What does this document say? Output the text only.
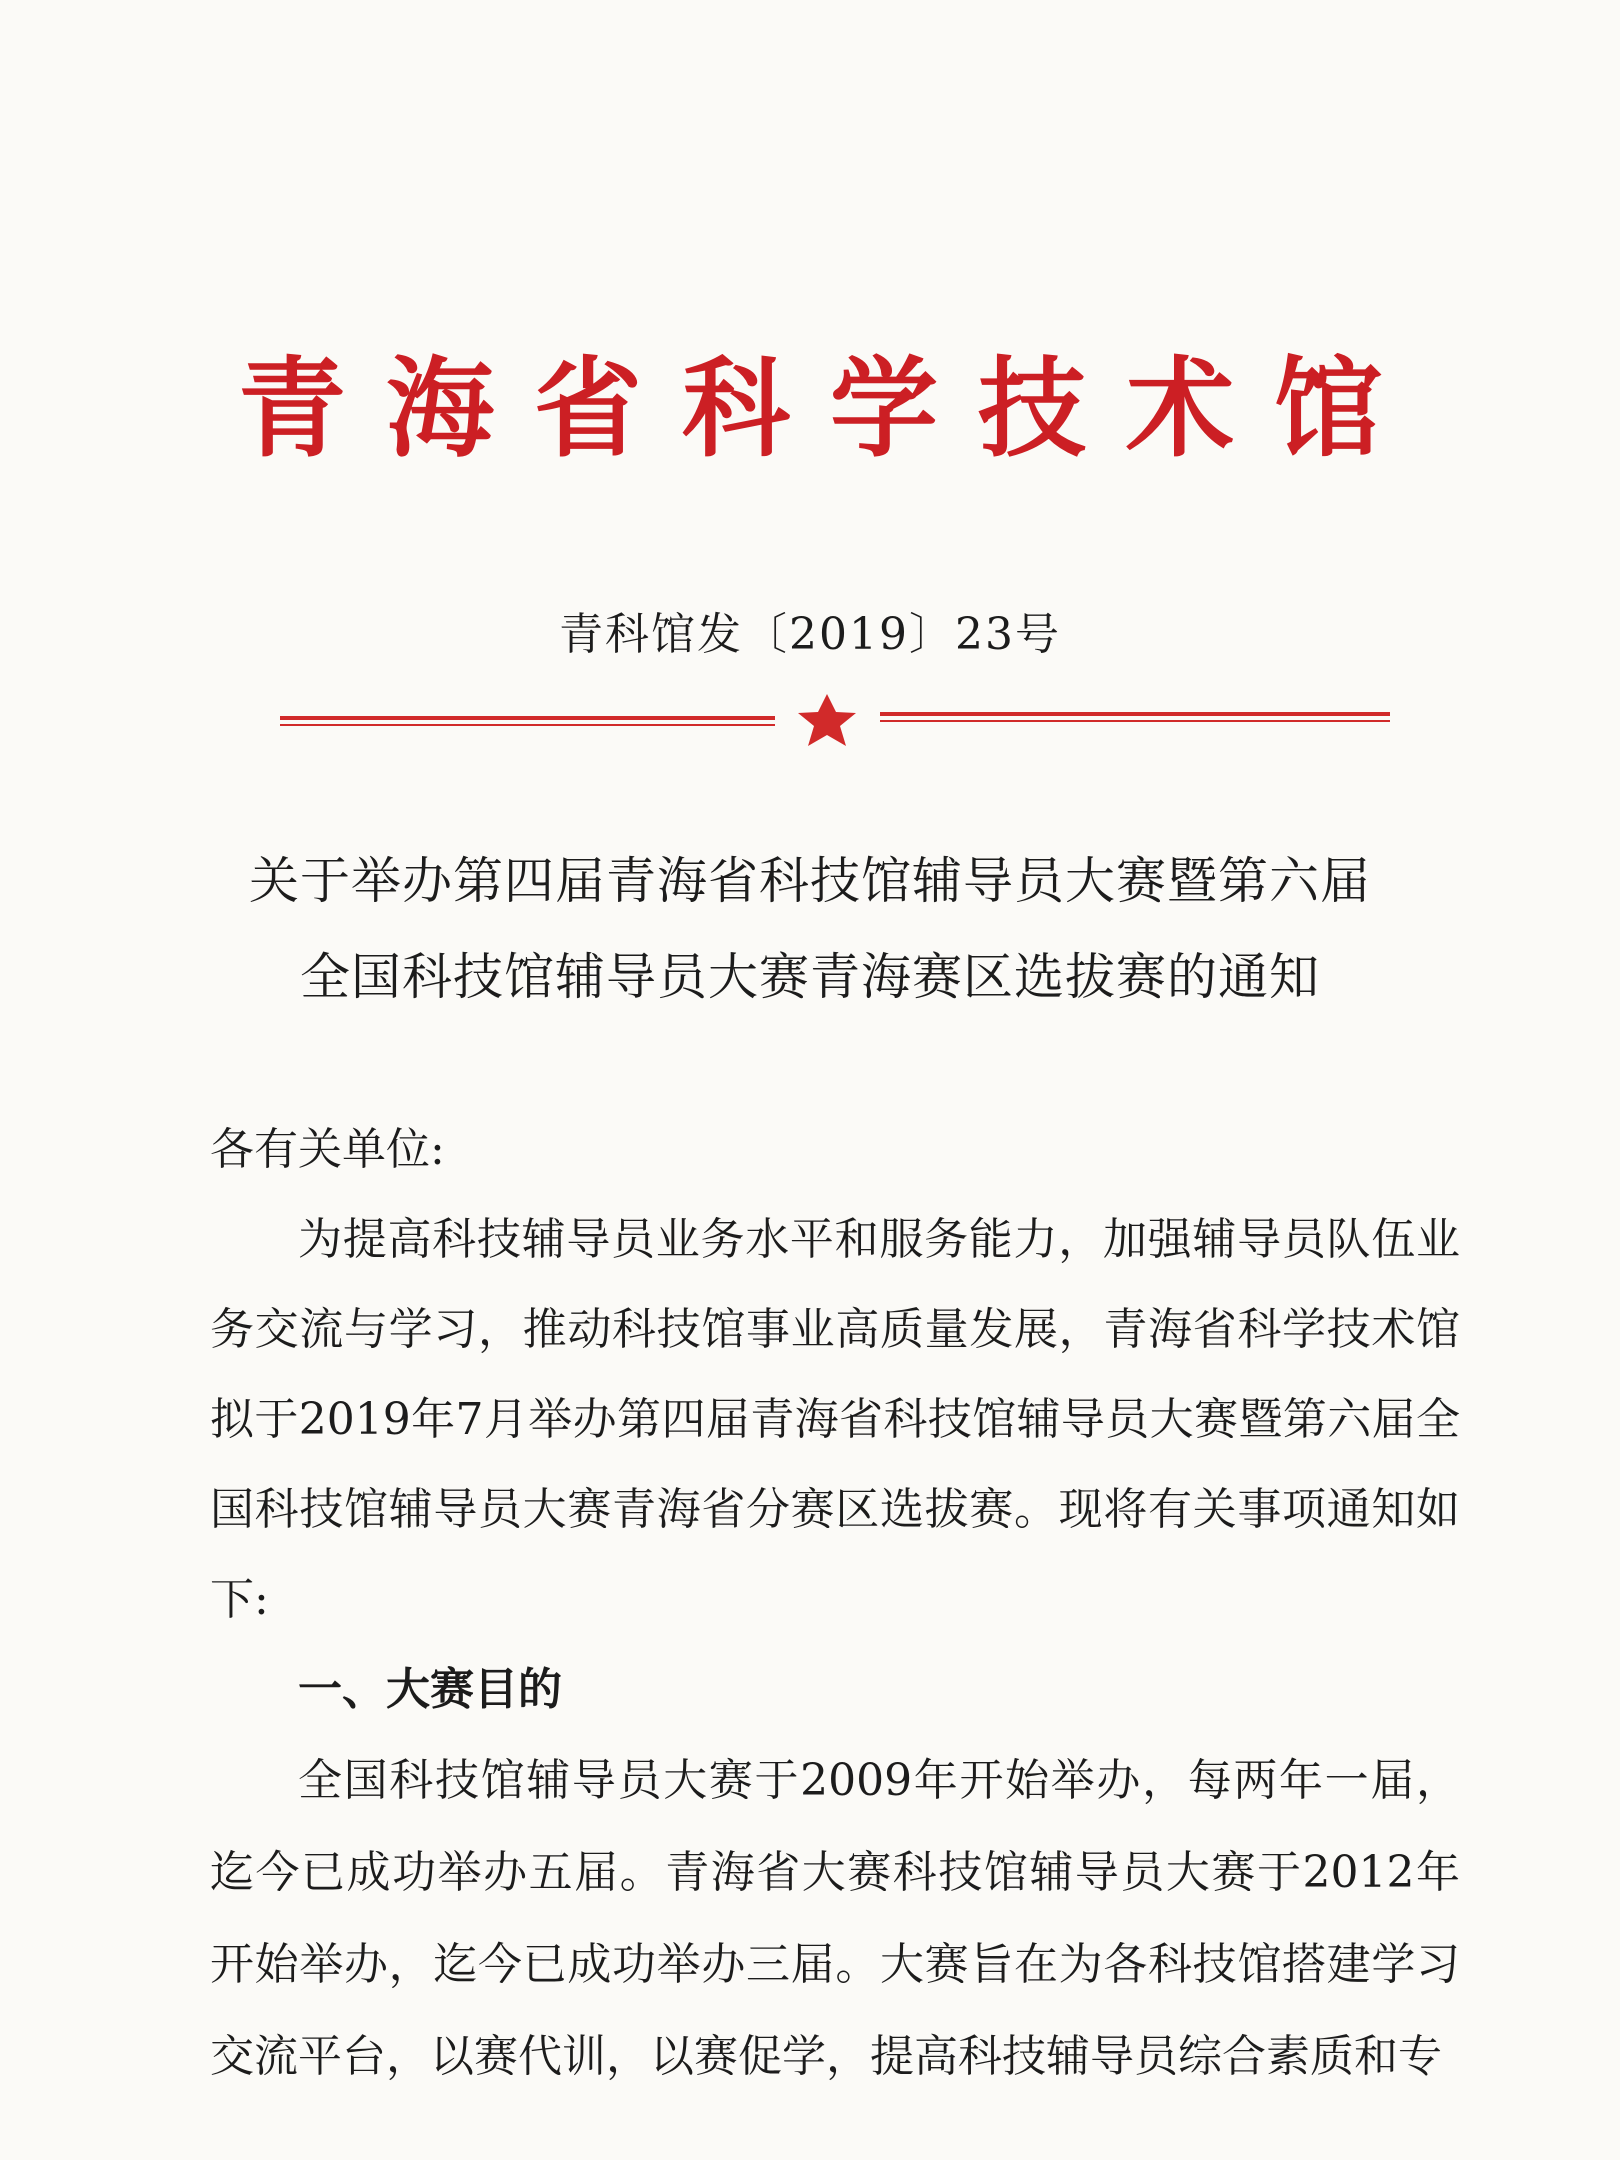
青海省科学技术馆
青科馆发〔2019〕23号
关于举办第四届青海省科技馆辅导员大赛暨第六届
全国科技馆辅导员大赛青海赛区选拔赛的通知

各有关单位:

为提高科技辅导员业务水平和服务能力，加强辅导员队伍业务交流与学习，推动科技馆事业高质量发展，青海省科学技术馆拟于2019年7月举办第四届青海省科技馆辅导员大赛暨第六届全国科技馆辅导员大赛青海省分赛区选拔赛。现将有关事项通知如下:

一、大赛目的

全国科技馆辅导员大赛于2009年开始举办，每两年一届，迄今已成功举办五届。青海省大赛科技馆辅导员大赛于2012年开始举办，迄今已成功举办三届。大赛旨在为各科技馆搭建学习交流平台，以赛代训，以赛促学，提高科技辅导员综合素质和专
